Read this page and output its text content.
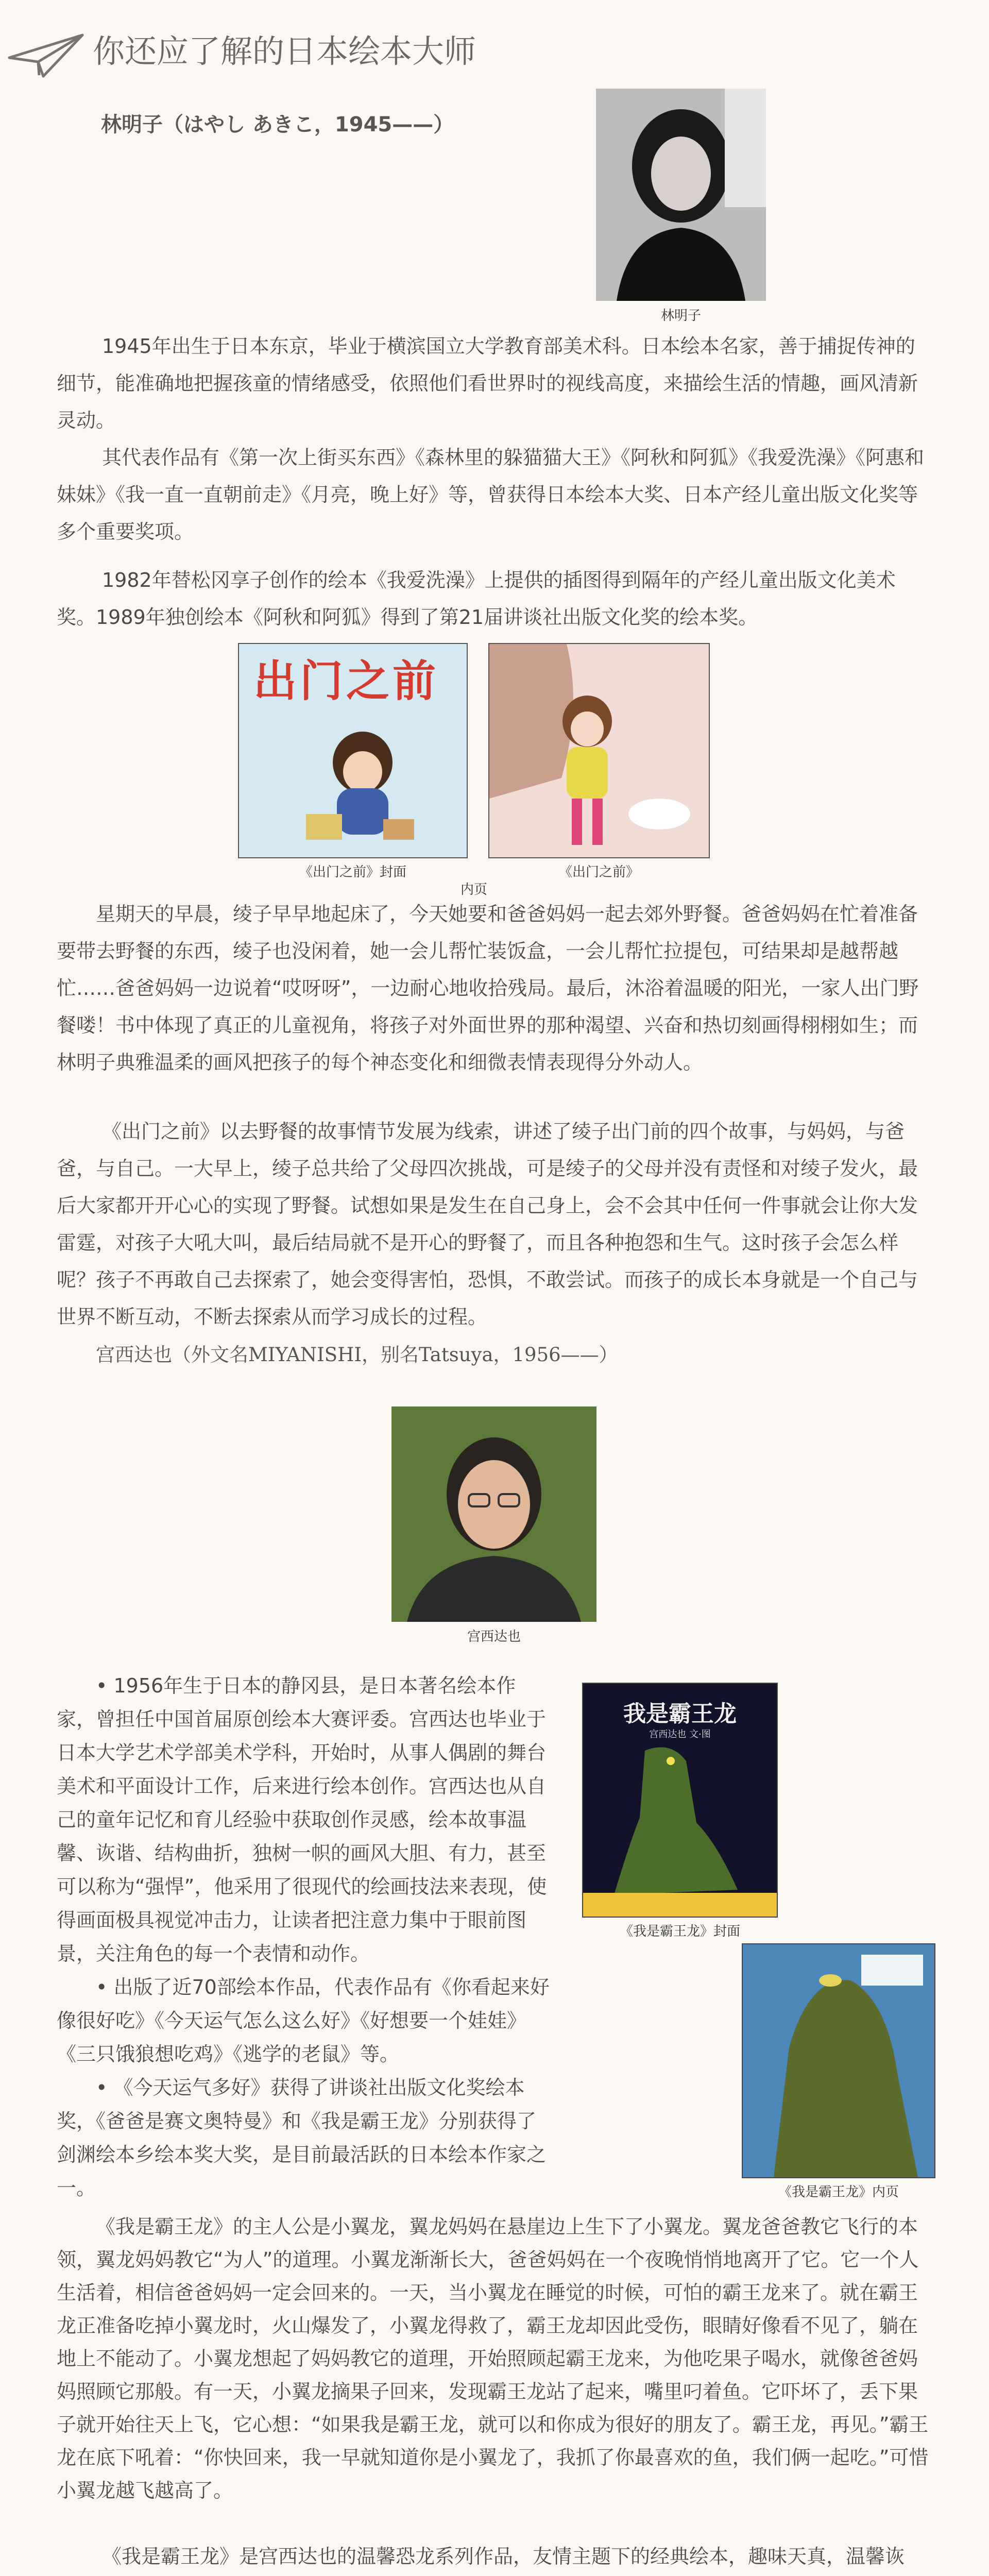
你还应了解的日本绘本大师
林明子（はやし あきこ，1945——）
林明子

1945年出生于日本东京，毕业于横滨国立大学教育部美术科。日本绘本名家，善于捕捉传神的细节，能准确地把握孩童的情绪感受，依照他们看世界时的视线高度，来描绘生活的情趣，画风清新灵动。

其代表作品有《第一次上街买东西》《森林里的躲猫猫大王》《阿秋和阿狐》《我爱洗澡》《阿惠和妹妹》《我一直一直朝前走》《月亮，晚上好》等，曾获得日本绘本大奖、日本产经儿童出版文化奖等多个重要奖项。

1982年替松冈享子创作的绘本《我爱洗澡》上提供的插图得到隔年的产经儿童出版文化美术奖。1989年独创绘本《阿秋和阿狐》得到了第21届讲谈社出版文化奖的绘本奖。

出门之前
《出门之前》封面	《出门之前》
内页

星期天的早晨，绫子早早地起床了，今天她要和爸爸妈妈一起去郊外野餐。爸爸妈妈在忙着准备要带去野餐的东西，绫子也没闲着，她一会儿帮忙装饭盒，一会儿帮忙拉提包，可结果却是越帮越忙……爸爸妈妈一边说着“哎呀呀”，一边耐心地收拾残局。最后，沐浴着温暖的阳光，一家人出门野餐喽！书中体现了真正的儿童视角，将孩子对外面世界的那种渴望、兴奋和热切刻画得栩栩如生；而林明子典雅温柔的画风把孩子的每个神态变化和细微表情表现得分外动人。

《出门之前》以去野餐的故事情节发展为线索，讲述了绫子出门前的四个故事，与妈妈，与爸爸，与自己。一大早上，绫子总共给了父母四次挑战，可是绫子的父母并没有责怪和对绫子发火，最后大家都开开心心的实现了野餐。试想如果是发生在自己身上，会不会其中任何一件事就会让你大发雷霆，对孩子大吼大叫，最后结局就不是开心的野餐了，而且各种抱怨和生气。这时孩子会怎么样呢？孩子不再敢自己去探索了，她会变得害怕，恐惧，不敢尝试。而孩子的成长本身就是一个自己与世界不断互动，不断去探索从而学习成长的过程。

宫西达也（外文名MIYANISHI，别名Tatsuya，1956——）
宫西达也

• 1956年生于日本的静冈县，是日本著名绘本作家，曾担任中国首届原创绘本大赛评委。宫西达也毕业于日本大学艺术学部美术学科，开始时，从事人偶剧的舞台美术和平面设计工作，后来进行绘本创作。宫西达也从自己的童年记忆和育儿经验中获取创作灵感，绘本故事温馨、诙谐、结构曲折，独树一帜的画风大胆、有力，甚至可以称为“强悍”，他采用了很现代的绘画技法来表现，使得画面极具视觉冲击力，让读者把注意力集中于眼前图景，关注角色的每一个表情和动作。

• 出版了近70部绘本作品，代表作品有《你看起来好像很好吃》《今天运气怎么这么好》《好想要一个娃娃》《三只饿狼想吃鸡》《逃学的老鼠》等。

• 《今天运气多好》获得了讲谈社出版文化奖绘本奖，《爸爸是赛文奥特曼》和《我是霸王龙》分别获得了剑渊绘本乡绘本奖大奖，是目前最活跃的日本绘本作家之一。

我是霸王龙
宫西达也 文·图
《我是霸王龙》封面
《我是霸王龙》内页

《我是霸王龙》的主人公是小翼龙，翼龙妈妈在悬崖边上生下了小翼龙。翼龙爸爸教它飞行的本领，翼龙妈妈教它“为人”的道理。小翼龙渐渐长大，爸爸妈妈在一个夜晚悄悄地离开了它。它一个人生活着，相信爸爸妈妈一定会回来的。一天，当小翼龙在睡觉的时候，可怕的霸王龙来了。就在霸王龙正准备吃掉小翼龙时，火山爆发了，小翼龙得救了，霸王龙却因此受伤，眼睛好像看不见了，躺在地上不能动了。小翼龙想起了妈妈教它的道理，开始照顾起霸王龙来，为他吃果子喝水，就像爸爸妈妈照顾它那般。有一天，小翼龙摘果子回来，发现霸王龙站了起来，嘴里叼着鱼。它吓坏了，丢下果子就开始往天上飞，它心想：“如果我是霸王龙，就可以和你成为很好的朋友了。霸王龙，再见。”霸王龙在底下吼着：“你快回来，我一早就知道你是小翼龙了，我抓了你最喜欢的鱼，我们俩一起吃。”可惜小翼龙越飞越高了。

《我是霸王龙》是宫西达也的温馨恐龙系列作品，友情主题下的经典绘本，趣味天真，温馨诙
